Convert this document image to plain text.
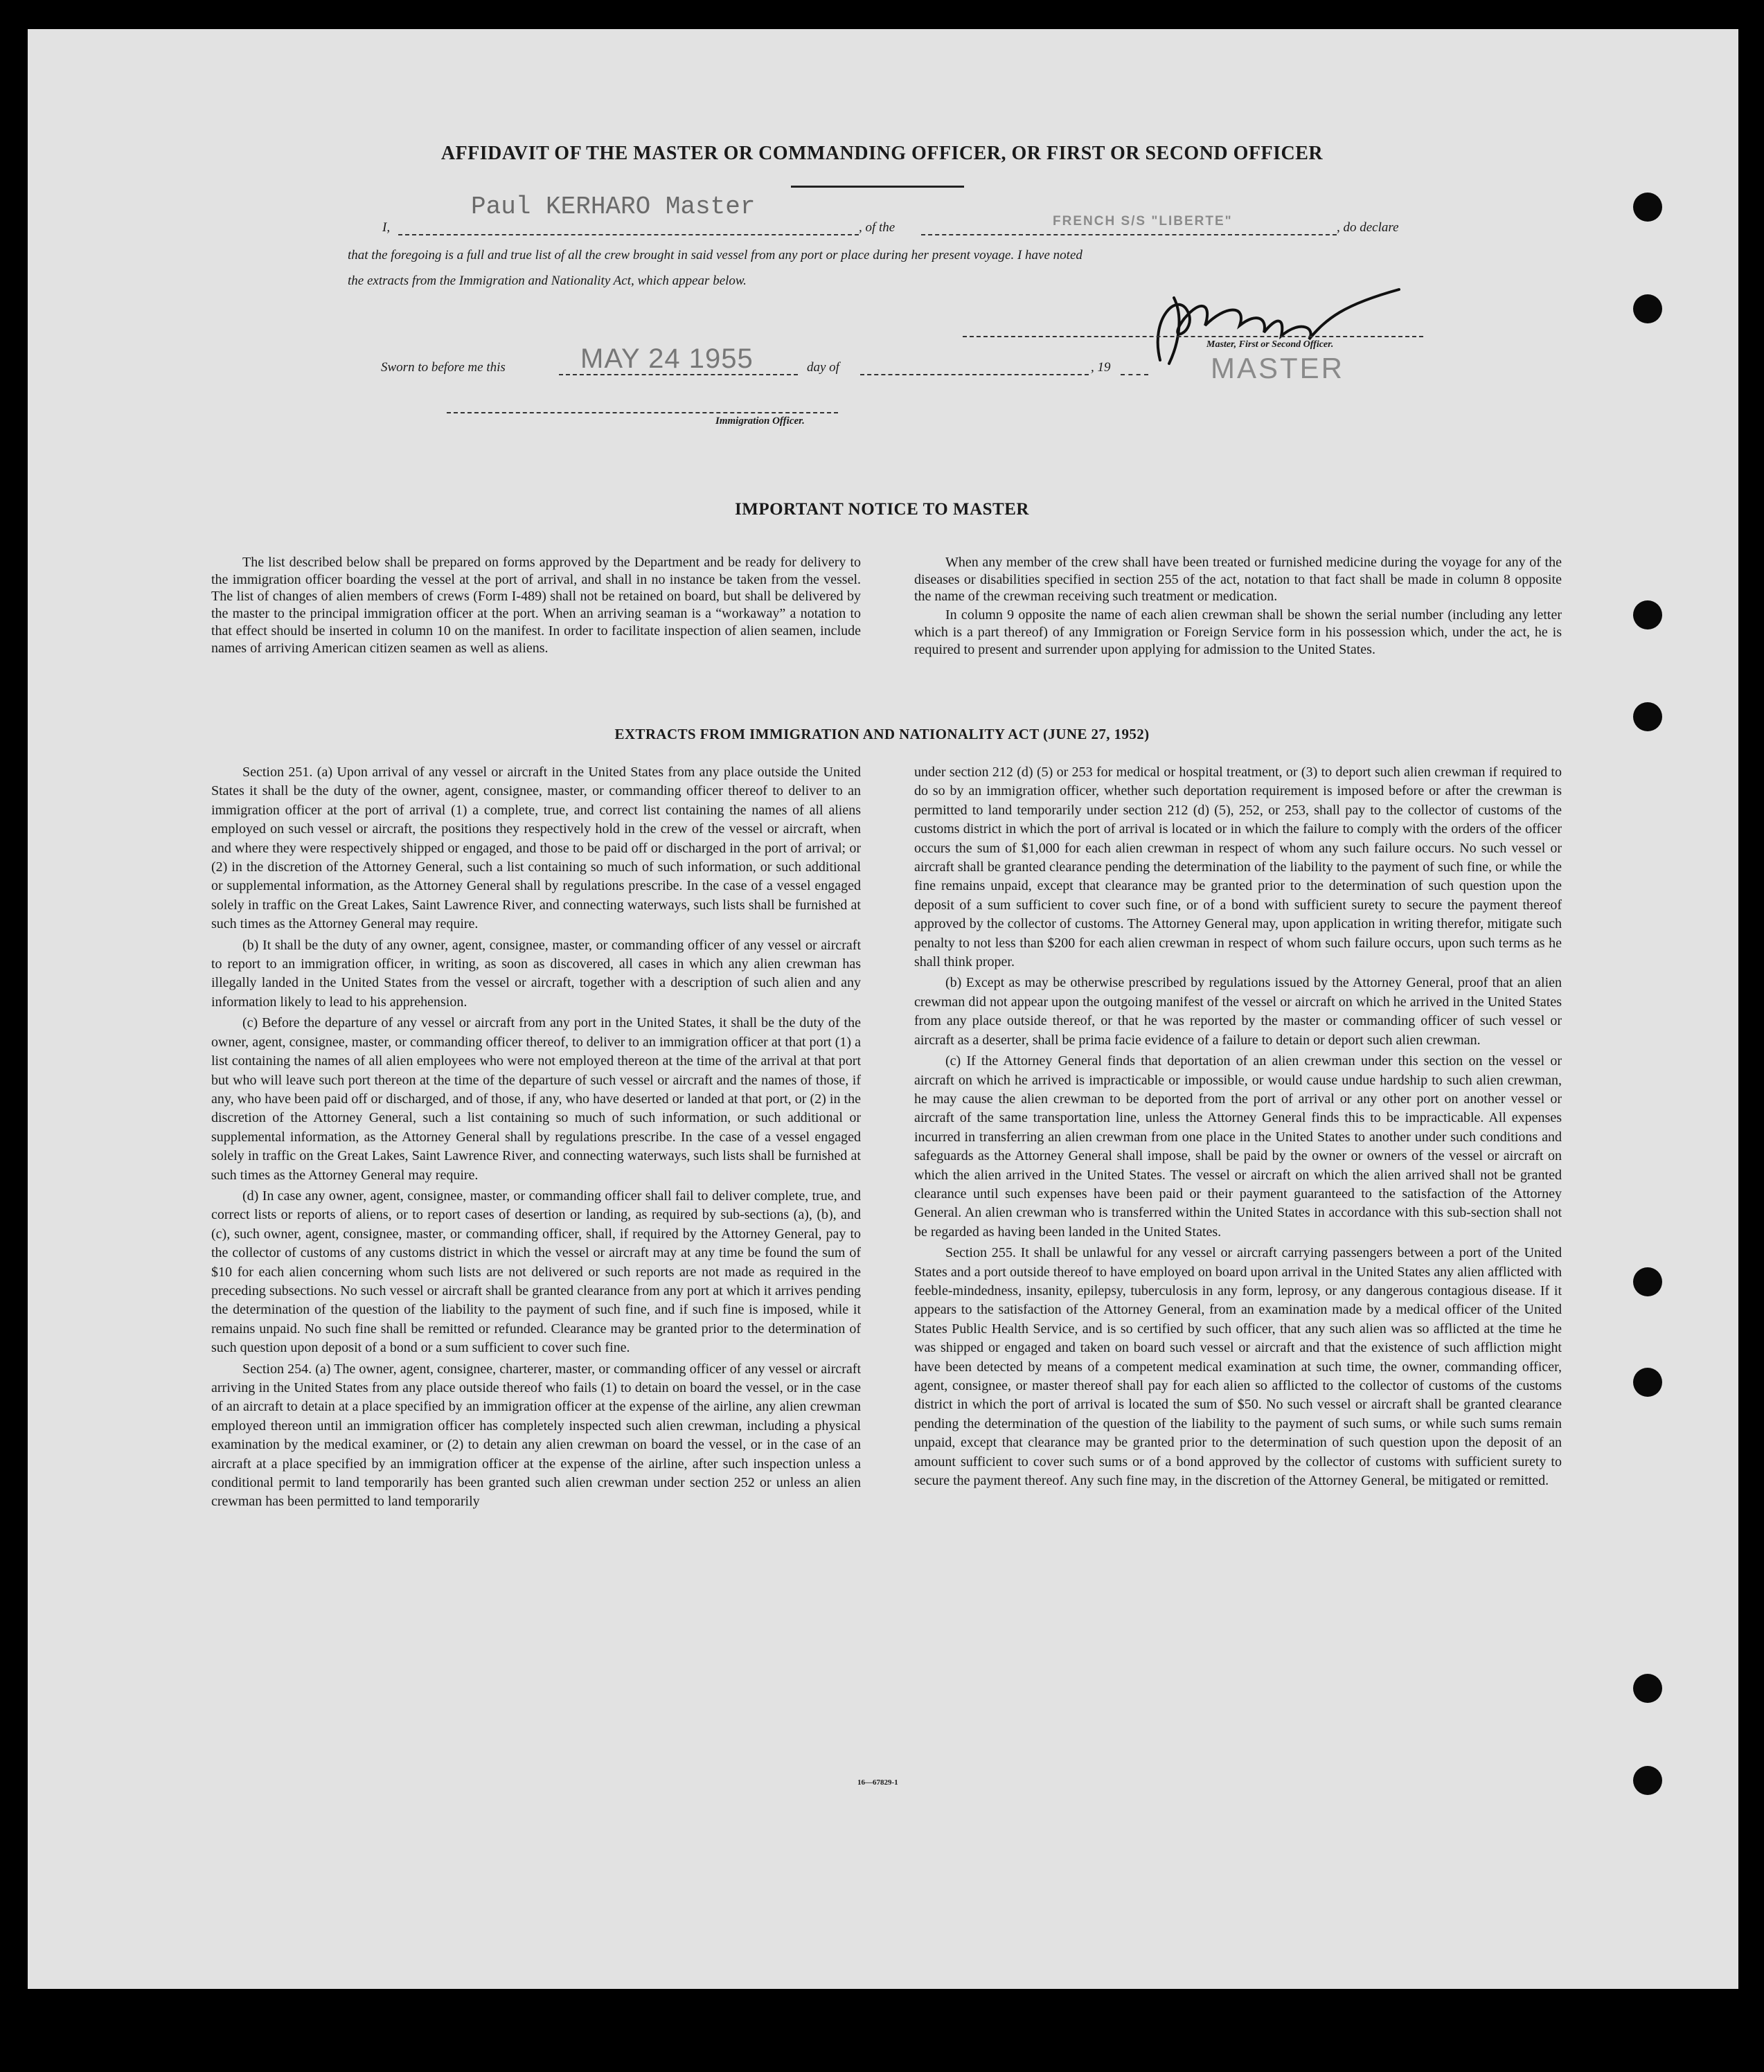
AFFIDAVIT OF THE MASTER OR COMMANDING OFFICER, OR FIRST OR SECOND OFFICER
I,
Paul KERHARO Master
, of the	FRENCH S/S "LIBERTE"	, do declare
that the foregoing is a full and true list of all the crew brought in said vessel from any port or place during her present voyage. I have noted
the extracts from the Immigration and Nationality Act, which appear below.
Master, First or Second Officer.
MASTER
Sworn to before me this	MAY 24 1955	day of	, 19
Immigration Officer.
IMPORTANT NOTICE TO MASTER

The list described below shall be prepared on forms approved by the Department and be ready for delivery to the immigration officer boarding the vessel at the port of arrival, and shall in no instance be taken from the vessel. The list of changes of alien members of crews (Form I-489) shall not be retained on board, but shall be delivered by the master to the principal immigration officer at the port. When an arriving seaman is a “workaway” a notation to that effect should be inserted in column 10 on the manifest. In order to facilitate inspection of alien seamen, include names of arriving American citizen seamen as well as aliens.

When any member of the crew shall have been treated or furnished medicine during the voyage for any of the diseases or disabilities specified in section 255 of the act, notation to that fact shall be made in column 8 opposite the name of the crewman receiving such treatment or medication.

In column 9 opposite the name of each alien crewman shall be shown the serial number (including any letter which is a part thereof) of any Immigration or Foreign Service form in his possession which, under the act, he is required to present and surrender upon applying for admission to the United States.

EXTRACTS FROM IMMIGRATION AND NATIONALITY ACT (JUNE 27, 1952)

Section 251. (a) Upon arrival of any vessel or aircraft in the United States from any place outside the United States it shall be the duty of the owner, agent, consignee, master, or commanding officer thereof to deliver to an immigration officer at the port of arrival (1) a complete, true, and correct list containing the names of all aliens employed on such vessel or aircraft, the positions they respectively hold in the crew of the vessel or aircraft, when and where they were respectively shipped or engaged, and those to be paid off or discharged in the port of arrival; or (2) in the discretion of the Attorney General, such a list containing so much of such information, or such additional or supplemental information, as the Attorney General shall by regulations prescribe. In the case of a vessel engaged solely in traffic on the Great Lakes, Saint Lawrence River, and connecting waterways, such lists shall be furnished at such times as the Attorney General may require.

(b) It shall be the duty of any owner, agent, consignee, master, or commanding officer of any vessel or aircraft to report to an immigration officer, in writing, as soon as discovered, all cases in which any alien crewman has illegally landed in the United States from the vessel or aircraft, together with a description of such alien and any information likely to lead to his apprehension.

(c) Before the departure of any vessel or aircraft from any port in the United States, it shall be the duty of the owner, agent, consignee, master, or commanding officer thereof, to deliver to an immigration officer at that port (1) a list containing the names of all alien employees who were not employed thereon at the time of the arrival at that port but who will leave such port thereon at the time of the departure of such vessel or aircraft and the names of those, if any, who have been paid off or discharged, and of those, if any, who have deserted or landed at that port, or (2) in the discretion of the Attorney General, such a list containing so much of such information, or such additional or supplemental information, as the Attorney General shall by regulations prescribe. In the case of a vessel engaged solely in traffic on the Great Lakes, Saint Lawrence River, and connecting waterways, such lists shall be furnished at such times as the Attorney General may require.

(d) In case any owner, agent, consignee, master, or commanding officer shall fail to deliver complete, true, and correct lists or reports of aliens, or to report cases of desertion or landing, as required by sub-sections (a), (b), and (c), such owner, agent, consignee, master, or commanding officer, shall, if required by the Attorney General, pay to the collector of customs of any customs district in which the vessel or aircraft may at any time be found the sum of $10 for each alien concerning whom such lists are not delivered or such reports are not made as required in the preceding subsections. No such vessel or aircraft shall be granted clearance from any port at which it arrives pending the determination of the question of the liability to the payment of such fine, and if such fine is imposed, while it remains unpaid. No such fine shall be remitted or refunded. Clearance may be granted prior to the determination of such question upon deposit of a bond or a sum sufficient to cover such fine.

Section 254. (a) The owner, agent, consignee, charterer, master, or commanding officer of any vessel or aircraft arriving in the United States from any place outside thereof who fails (1) to detain on board the vessel, or in the case of an aircraft to detain at a place specified by an immigration officer at the expense of the airline, any alien crewman employed thereon until an immigration officer has completely inspected such alien crewman, including a physical examination by the medical examiner, or (2) to detain any alien crewman on board the vessel, or in the case of an aircraft at a place specified by an immigration officer at the expense of the airline, after such inspection unless a conditional permit to land temporarily has been granted such alien crewman under section 252 or unless an alien crewman has been permitted to land temporarily

under section 212 (d) (5) or 253 for medical or hospital treatment, or (3) to deport such alien crewman if required to do so by an immigration officer, whether such deportation requirement is imposed before or after the crewman is permitted to land temporarily under section 212 (d) (5), 252, or 253, shall pay to the collector of customs of the customs district in which the port of arrival is located or in which the failure to comply with the orders of the officer occurs the sum of $1,000 for each alien crewman in respect of whom any such failure occurs. No such vessel or aircraft shall be granted clearance pending the determination of the liability to the payment of such fine, or while the fine remains unpaid, except that clearance may be granted prior to the determination of such question upon the deposit of a sum sufficient to cover such fine, or of a bond with sufficient surety to secure the payment thereof approved by the collector of customs. The Attorney General may, upon application in writing therefor, mitigate such penalty to not less than $200 for each alien crewman in respect of whom such failure occurs, upon such terms as he shall think proper.

(b) Except as may be otherwise prescribed by regulations issued by the Attorney General, proof that an alien crewman did not appear upon the outgoing manifest of the vessel or aircraft on which he arrived in the United States from any place outside thereof, or that he was reported by the master or commanding officer of such vessel or aircraft as a deserter, shall be prima facie evidence of a failure to detain or deport such alien crewman.

(c) If the Attorney General finds that deportation of an alien crewman under this section on the vessel or aircraft on which he arrived is impracticable or impossible, or would cause undue hardship to such alien crewman, he may cause the alien crewman to be deported from the port of arrival or any other port on another vessel or aircraft of the same transportation line, unless the Attorney General finds this to be impracticable. All expenses incurred in transferring an alien crewman from one place in the United States to another under such conditions and safeguards as the Attorney General shall impose, shall be paid by the owner or owners of the vessel or aircraft on which the alien arrived in the United States. The vessel or aircraft on which the alien arrived shall not be granted clearance until such expenses have been paid or their payment guaranteed to the satisfaction of the Attorney General. An alien crewman who is transferred within the United States in accordance with this sub-section shall not be regarded as having been landed in the United States.

Section 255. It shall be unlawful for any vessel or aircraft carrying passengers between a port of the United States and a port outside thereof to have employed on board upon arrival in the United States any alien afflicted with feeble-mindedness, insanity, epilepsy, tuberculosis in any form, leprosy, or any dangerous contagious disease. If it appears to the satisfaction of the Attorney General, from an examination made by a medical officer of the United States Public Health Service, and is so certified by such officer, that any such alien was so afflicted at the time he was shipped or engaged and taken on board such vessel or aircraft and that the existence of such affliction might have been detected by means of a competent medical examination at such time, the owner, commanding officer, agent, consignee, or master thereof shall pay for each alien so afflicted to the collector of customs of the customs district in which the port of arrival is located the sum of $50. No such vessel or aircraft shall be granted clearance pending the determination of the question of the liability to the payment of such sums, or while such sums remain unpaid, except that clearance may be granted prior to the determination of such question upon the deposit of an amount sufficient to cover such sums or of a bond approved by the collector of customs with sufficient surety to secure the payment thereof. Any such fine may, in the discretion of the Attorney General, be mitigated or remitted.

16—67829-1
